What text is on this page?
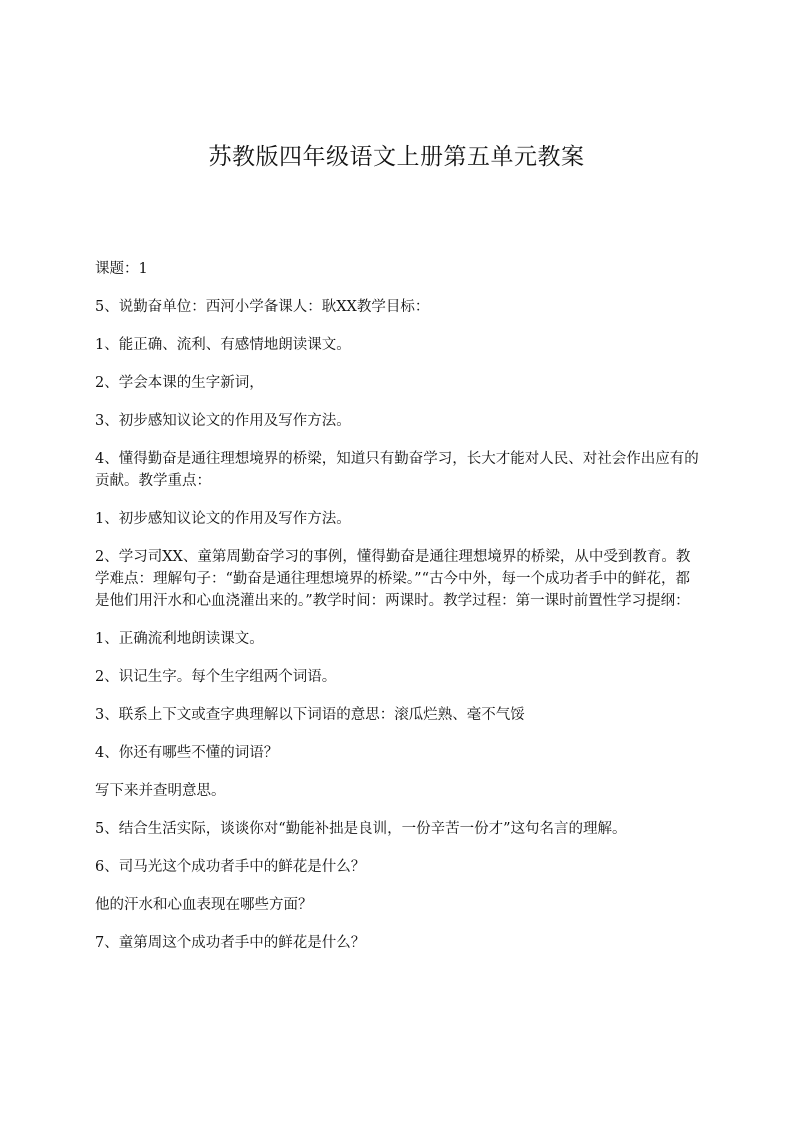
苏教版四年级语文上册第五单元教案

课题：1

5、说勤奋单位：西河小学备课人：耿XX教学目标：

1、能正确、流利、有感情地朗读课文。

2、学会本课的生字新词，

3、初步感知议论文的作用及写作方法。

4、懂得勤奋是通往理想境界的桥梁，知道只有勤奋学习，长大才能对人民、对社会作出应有的贡献。教学重点：

1、初步感知议论文的作用及写作方法。

2、学习司XX、童第周勤奋学习的事例，懂得勤奋是通往理想境界的桥梁，从中受到教育。教学难点：理解句子：“勤奋是通往理想境界的桥梁。”“古今中外，每一个成功者手中的鲜花，都是他们用汗水和心血浇灌出来的。”教学时间：两课时。教学过程：第一课时前置性学习提纲：

1、正确流利地朗读课文。

2、识记生字。每个生字组两个词语。

3、联系上下文或查字典理解以下词语的意思：滚瓜烂熟、毫不气馁

4、你还有哪些不懂的词语？

写下来并查明意思。

5、结合生活实际，谈谈你对“勤能补拙是良训，一份辛苦一份才”这句名言的理解。

6、司马光这个成功者手中的鲜花是什么？

他的汗水和心血表现在哪些方面？

7、童第周这个成功者手中的鲜花是什么？
